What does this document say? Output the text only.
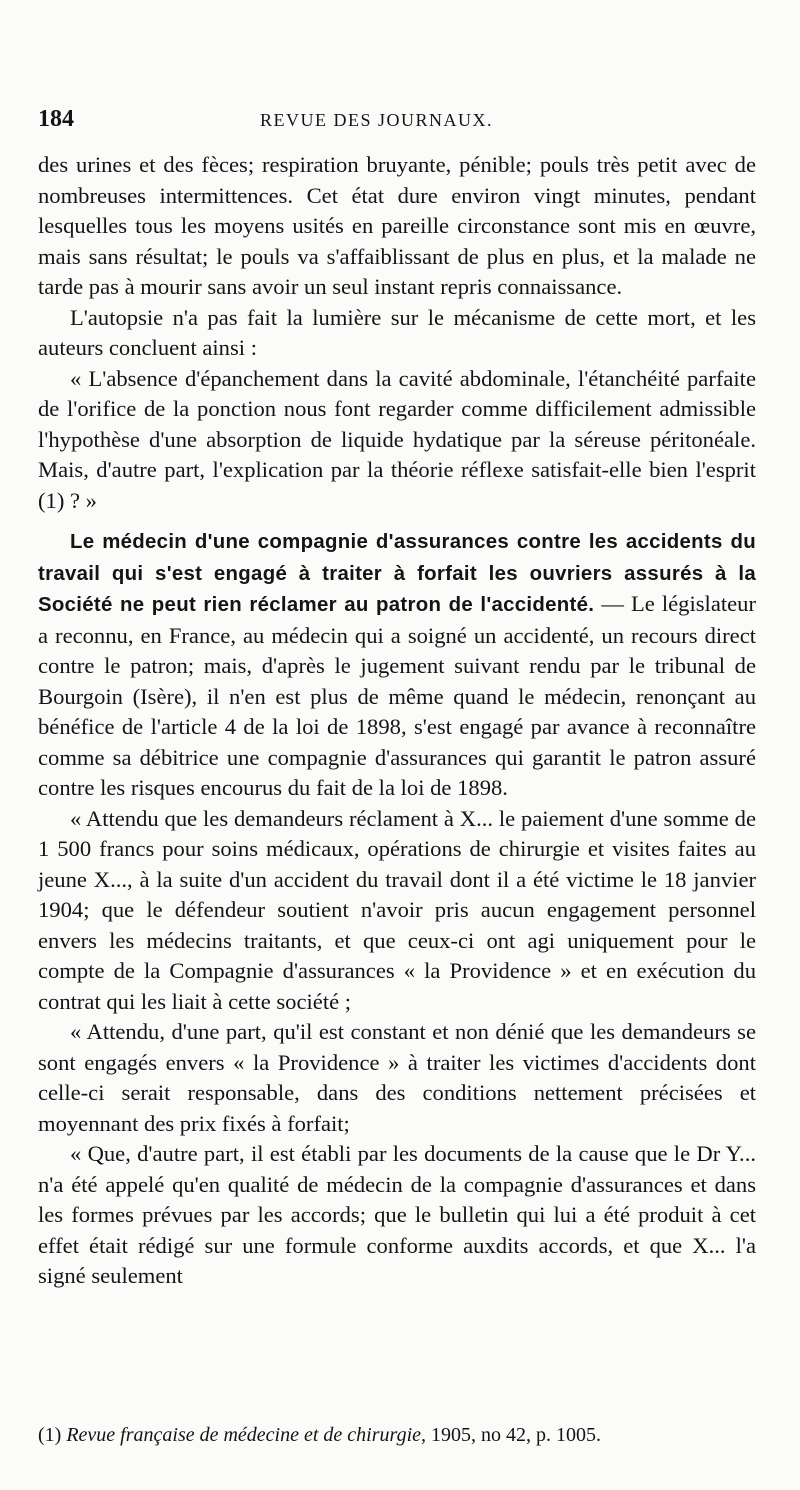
184	REVUE DES JOURNAUX.

des urines et des fèces; respiration bruyante, pénible; pouls très petit avec de nombreuses intermittences. Cet état dure environ vingt minutes, pendant lesquelles tous les moyens usités en pareille circonstance sont mis en œuvre, mais sans résultat; le pouls va s'affaiblissant de plus en plus, et la malade ne tarde pas à mourir sans avoir un seul instant repris connaissance.

L'autopsie n'a pas fait la lumière sur le mécanisme de cette mort, et les auteurs concluent ainsi :

« L'absence d'épanchement dans la cavité abdominale, l'étanchéité parfaite de l'orifice de la ponction nous font regarder comme difficilement admissible l'hypothèse d'une absorption de liquide hydatique par la séreuse péritonéale. Mais, d'autre part, l'explication par la théorie réflexe satisfait-elle bien l'esprit (1) ? »

Le médecin d'une compagnie d'assurances contre les accidents du travail qui s'est engagé à traiter à forfait les ouvriers assurés à la Société ne peut rien réclamer au patron de l'accidenté. — Le législateur a reconnu, en France, au médecin qui a soigné un accidenté, un recours direct contre le patron; mais, d'après le jugement suivant rendu par le tribunal de Bourgoin (Isère), il n'en est plus de même quand le médecin, renonçant au bénéfice de l'article 4 de la loi de 1898, s'est engagé par avance à reconnaître comme sa débitrice une compagnie d'assurances qui garantit le patron assuré contre les risques encourus du fait de la loi de 1898.

« Attendu que les demandeurs réclament à X... le paiement d'une somme de 1 500 francs pour soins médicaux, opérations de chirurgie et visites faites au jeune X..., à la suite d'un accident du travail dont il a été victime le 18 janvier 1904; que le défendeur soutient n'avoir pris aucun engagement personnel envers les médecins traitants, et que ceux-ci ont agi uniquement pour le compte de la Compagnie d'assurances « la Providence » et en exécution du contrat qui les liait à cette société ;

« Attendu, d'une part, qu'il est constant et non dénié que les demandeurs se sont engagés envers « la Providence » à traiter les victimes d'accidents dont celle-ci serait responsable, dans des conditions nettement précisées et moyennant des prix fixés à forfait;

« Que, d'autre part, il est établi par les documents de la cause que le Dr Y... n'a été appelé qu'en qualité de médecin de la compagnie d'assurances et dans les formes prévues par les accords; que le bulletin qui lui a été produit à cet effet était rédigé sur une formule conforme auxdits accords, et que X... l'a signé seulement

(1) Revue française de médecine et de chirurgie, 1905, no 42, p. 1005.
